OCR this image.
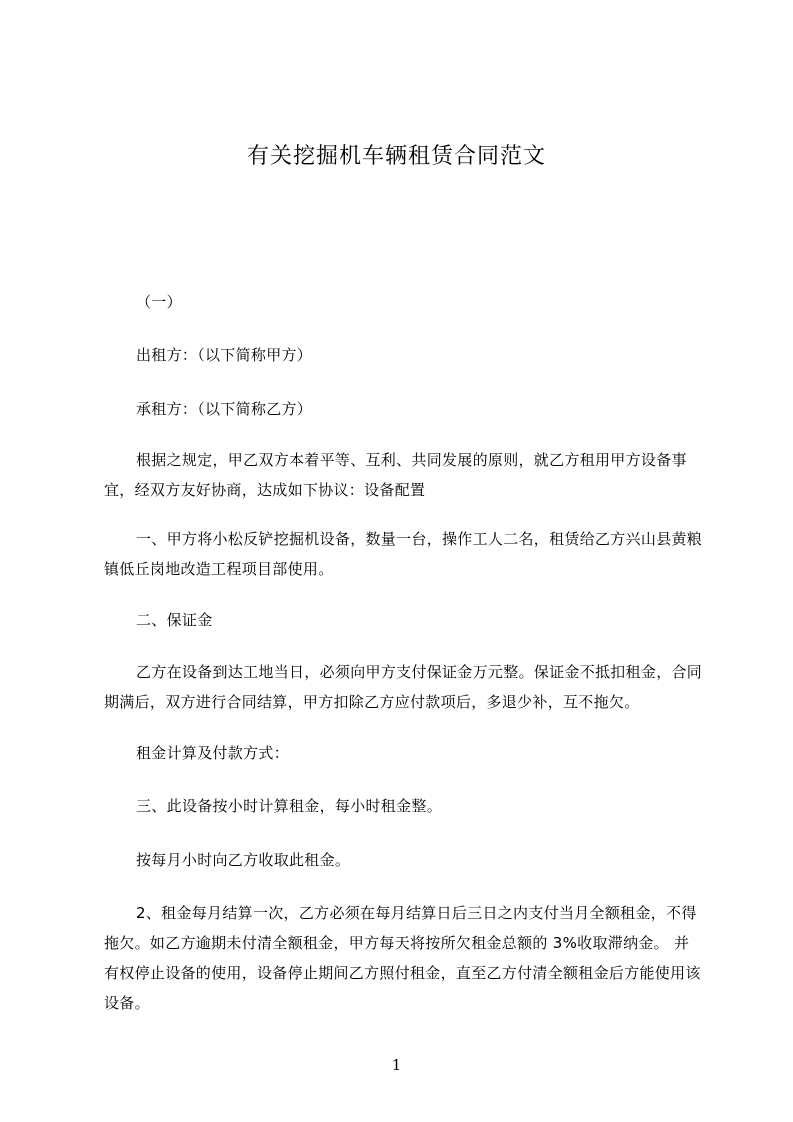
有关挖掘机车辆租赁合同范文
（一）
出租方：（以下简称甲方）
承租方：（以下简称乙方）
根据之规定，甲乙双方本着平等、互利、共同发展的原则，就乙方租用甲方设备事宜，经双方友好协商，达成如下协议：设备配置
一、甲方将小松反铲挖掘机设备，数量一台，操作工人二名，租赁给乙方兴山县黄粮镇低丘岗地改造工程项目部使用。
二、保证金
乙方在设备到达工地当日，必须向甲方支付保证金万元整。保证金不抵扣租金，合同期满后，双方进行合同结算，甲方扣除乙方应付款项后，多退少补，互不拖欠。
租金计算及付款方式：
三、此设备按小时计算租金，每小时租金整。
按每月小时向乙方收取此租金。
2、租金每月结算一次，乙方必须在每月结算日后三日之内支付当月全额租金，不得拖欠。如乙方逾期未付清全额租金，甲方每天将按所欠租金总额的 3%收取滞纳金。 并有权停止设备的使用，设备停止期间乙方照付租金，直至乙方付清全额租金后方能使用该设备。
1
